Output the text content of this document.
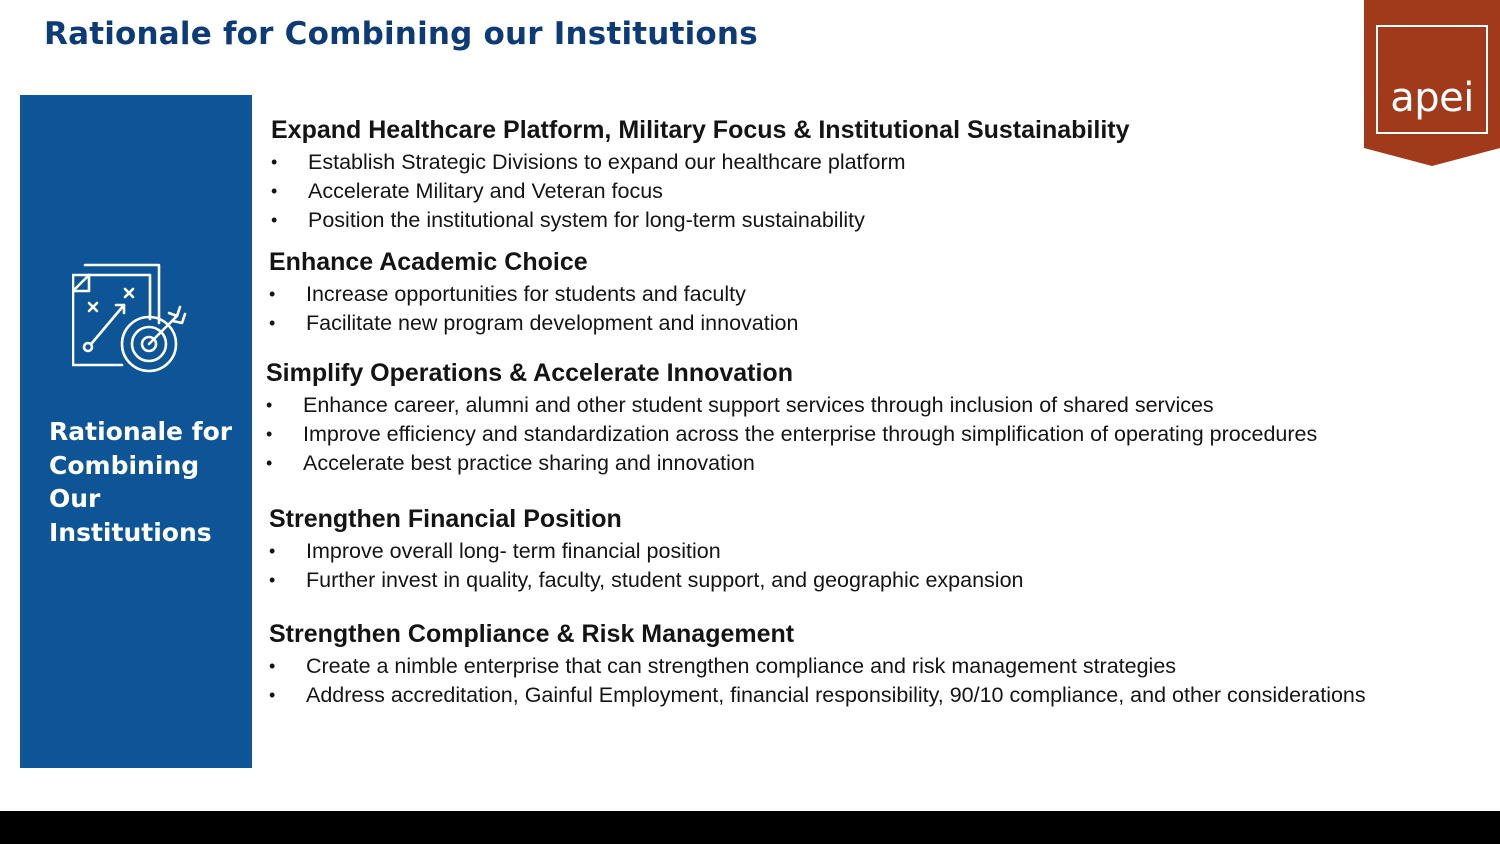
Rationale for Combining our Institutions
apei
Rationale for Combining Our Institutions
Expand Healthcare Platform, Military Focus & Institutional Sustainability
• Establish Strategic Divisions to expand our healthcare platform
• Accelerate Military and Veteran focus
• Position the institutional system for long-term sustainability
Enhance Academic Choice
• Increase opportunities for students and faculty
• Facilitate new program development and innovation
Simplify Operations & Accelerate Innovation
• Enhance career, alumni and other student support services through inclusion of shared services
• Improve efficiency and standardization across the enterprise through simplification of operating procedures
• Accelerate best practice sharing and innovation
Strengthen Financial Position
• Improve overall long- term financial position
• Further invest in quality, faculty, student support, and geographic expansion
Strengthen Compliance & Risk Management
• Create a nimble enterprise that can strengthen compliance and risk management strategies
• Address accreditation, Gainful Employment, financial responsibility, 90/10 compliance, and other considerations
